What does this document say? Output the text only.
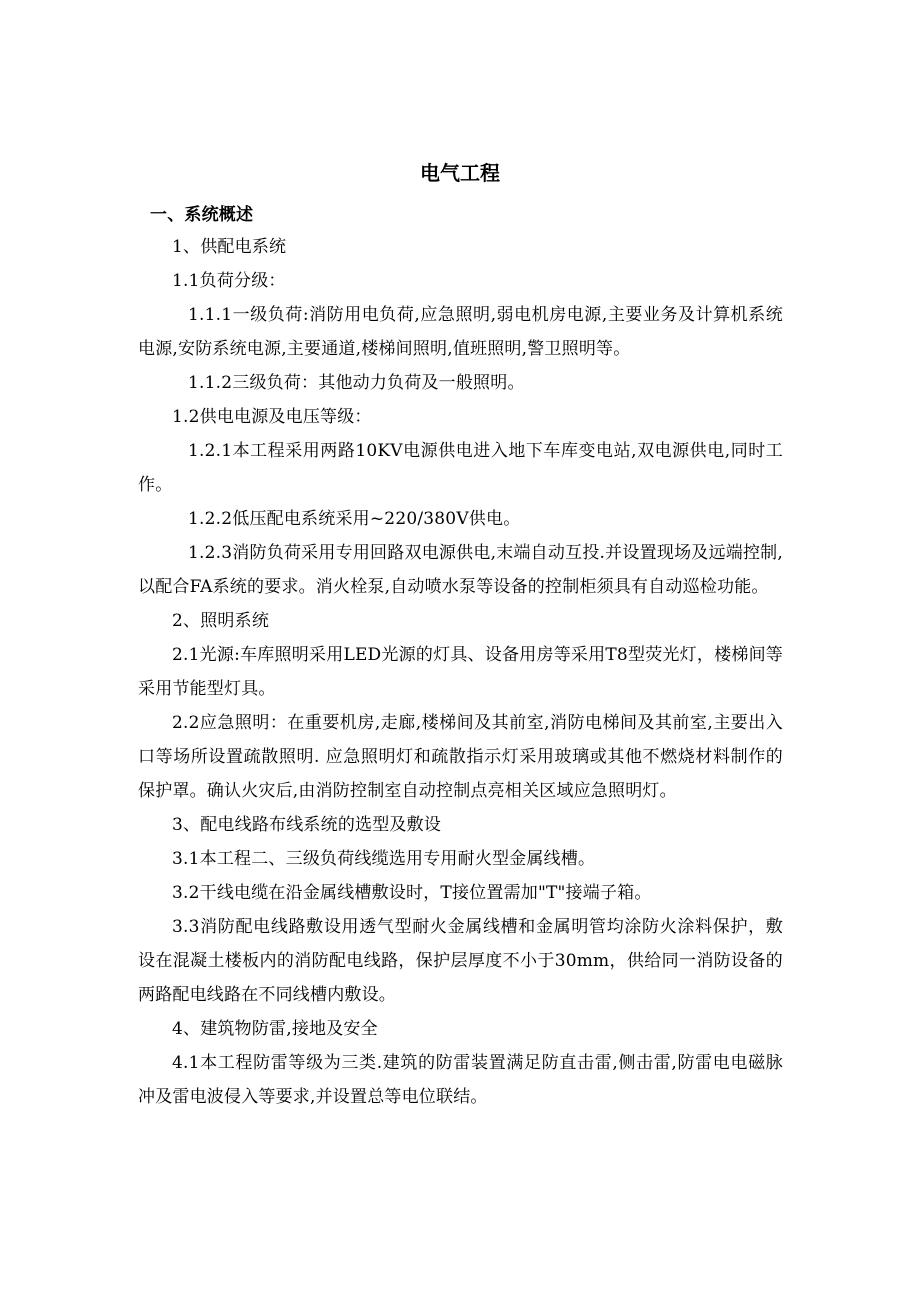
电气工程
一、系统概述

1、供配电系统

1.1负荷分级：

1.1.1一级负荷:消防用电负荷,应急照明,弱电机房电源,主要业务及计算机系统电源,安防系统电源,主要通道,楼梯间照明,值班照明,警卫照明等。

1.1.2三级负荷：其他动力负荷及一般照明。

1.2供电电源及电压等级：

1.2.1本工程采用两路10KV电源供电进入地下车库变电站,双电源供电,同时工作。

1.2.2低压配电系统采用~220/380V供电。

1.2.3消防负荷采用专用回路双电源供电,末端自动互投.并设置现场及远端控制,以配合FA系统的要求。消火栓泵,自动喷水泵等设备的控制柜须具有自动巡检功能。

2、照明系统

2.1光源:车库照明采用LED光源的灯具、设备用房等采用T8型荧光灯，楼梯间等采用节能型灯具。

2.2应急照明：在重要机房,走廊,楼梯间及其前室,消防电梯间及其前室,主要出入口等场所设置疏散照明. 应急照明灯和疏散指示灯采用玻璃或其他不燃烧材料制作的保护罩。确认火灾后,由消防控制室自动控制点亮相关区域应急照明灯。

3、配电线路布线系统的选型及敷设

3.1本工程二、三级负荷线缆选用专用耐火型金属线槽。

3.2干线电缆在沿金属线槽敷设时，T接位置需加"T"接端子箱。

3.3消防配电线路敷设用透气型耐火金属线槽和金属明管均涂防火涂料保护，敷设在混凝土楼板内的消防配电线路，保护层厚度不小于30mm，供给同一消防设备的两路配电线路在不同线槽内敷设。

4、建筑物防雷,接地及安全

4.1本工程防雷等级为三类.建筑的防雷装置满足防直击雷,侧击雷,防雷电电磁脉冲及雷电波侵入等要求,并设置总等电位联结。
